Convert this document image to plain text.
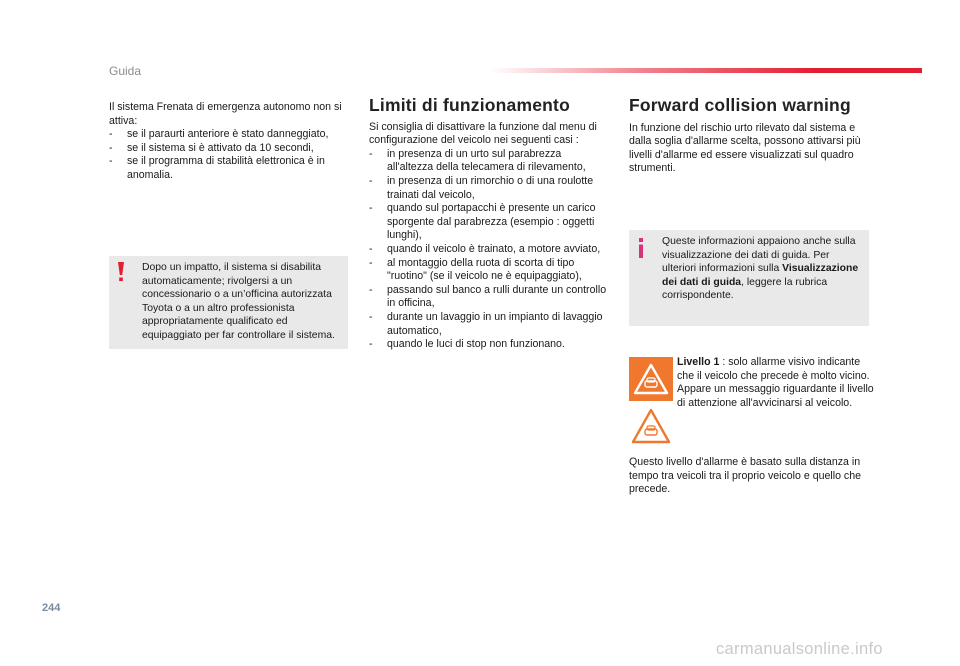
Guida

Il sistema Frenata di emergenza autonomo non si attiva:

- se il paraurti anteriore è stato danneggiato,
- se il sistema si è attivato da 10 secondi,
- se il programma di stabilità elettronica è in anomalia.
Dopo un impatto, il sistema si disabilita automaticamente; rivolgersi a un concessionario o a un’officina autorizzata Toyota o a un altro professionista appropriatamente qualificato ed equipaggiato per far controllare il sistema.
Limiti di funzionamento

Si consiglia di disattivare la funzione dal menu di configurazione del veicolo nei seguenti casi :

- in presenza di un urto sul parabrezza all'altezza della telecamera di rilevamento,
- in presenza di un rimorchio o di una roulotte trainati dal veicolo,
- quando sul portapacchi è presente un carico sporgente dal parabrezza (esempio : oggetti lunghi),
- quando il veicolo è trainato, a motore avviato,
- al montaggio della ruota di scorta di tipo "ruotino" (se il veicolo ne è equipaggiato),
- passando sul banco a rulli durante un controllo in officina,
- durante un lavaggio in un impianto di lavaggio automatico,
- quando le luci di stop non funzionano.
Forward collision warning

In funzione del rischio urto rilevato dal sistema e dalla soglia d'allarme scelta, possono attivarsi più livelli d'allarme ed essere visualizzati sul quadro strumenti.

Queste informazioni appaiono anche sulla visualizzazione dei dati di guida. Per ulteriori informazioni sulla Visualizzazione dei dati di guida, leggere la rubrica corrispondente.

Livello 1 : solo allarme visivo indicante che il veicolo che precede è molto vicino.

Appare un messaggio riguardante il livello di attenzione all'avvicinarsi al veicolo.

Questo livello d'allarme è basato sulla distanza in tempo tra veicoli tra il proprio veicolo e quello che precede.

244
carmanualsonline.info
